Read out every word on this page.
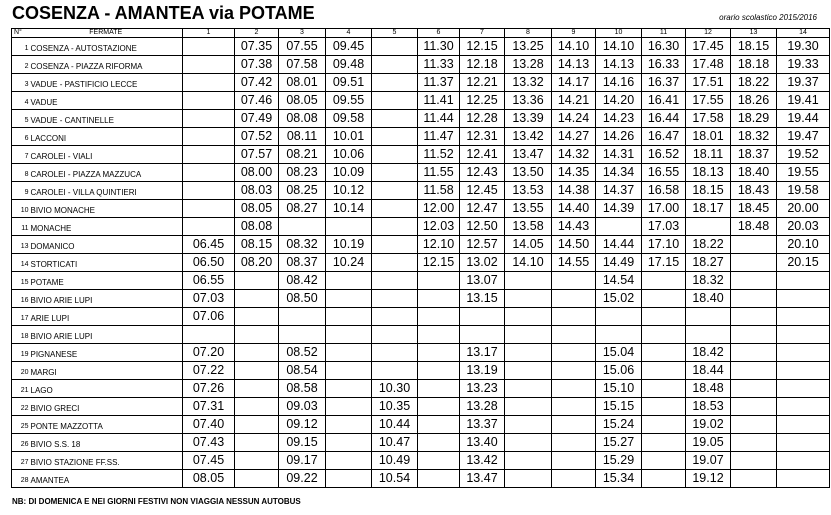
COSENZA - AMANTEA via POTAME	orario scolastico 2015/2016
N°	FERMATE	1	2	3	4	5	6	7	8	9	10	11	12	13	14
1	COSENZA - AUTOSTAZIONE		07.35	07.55	09.45		11.30	12.15	13.25	14.10	14.10	16.30	17.45	18.15	19.30
2	COSENZA - PIAZZA RIFORMA		07.38	07.58	09.48		11.33	12.18	13.28	14.13	14.13	16.33	17.48	18.18	19.33
3	VADUE - PASTIFICIO LECCE		07.42	08.01	09.51		11.37	12.21	13.32	14.17	14.16	16.37	17.51	18.22	19.37
4	VADUE		07.46	08.05	09.55		11.41	12.25	13.36	14.21	14.20	16.41	17.55	18.26	19.41
5	VADUE - CANTINELLE		07.49	08.08	09.58		11.44	12.28	13.39	14.24	14.23	16.44	17.58	18.29	19.44
6	LACCONI		07.52	08.11	10.01		11.47	12.31	13.42	14.27	14.26	16.47	18.01	18.32	19.47
7	CAROLEI - VIALI		07.57	08.21	10.06		11.52	12.41	13.47	14.32	14.31	16.52	18.11	18.37	19.52
8	CAROLEI - PIAZZA MAZZUCA		08.00	08.23	10.09		11.55	12.43	13.50	14.35	14.34	16.55	18.13	18.40	19.55
9	CAROLEI - VILLA QUINTIERI		08.03	08.25	10.12		11.58	12.45	13.53	14.38	14.37	16.58	18.15	18.43	19.58
10	BIVIO MONACHE		08.05	08.27	10.14		12.00	12.47	13.55	14.40	14.39	17.00	18.17	18.45	20.00
11	MONACHE		08.08				12.03	12.50	13.58	14.43		17.03		18.48	20.03
13	DOMANICO	06.45	08.15	08.32	10.19		12.10	12.57	14.05	14.50	14.44	17.10	18.22		20.10
14	STORTICATI	06.50	08.20	08.37	10.24		12.15	13.02	14.10	14.55	14.49	17.15	18.27		20.15
15	POTAME	06.55		08.42				13.07			14.54		18.32		
16	BIVIO ARIE LUPI	07.03		08.50				13.15			15.02		18.40		
17	ARIE LUPI	07.06													
18	BIVIO ARIE LUPI														
19	PIGNANESE	07.20		08.52				13.17			15.04		18.42		
20	MARGI	07.22		08.54				13.19			15.06		18.44		
21	LAGO	07.26		08.58		10.30		13.23			15.10		18.48		
22	BIVIO GRECI	07.31		09.03		10.35		13.28			15.15		18.53		
25	PONTE MAZZOTTA	07.40		09.12		10.44		13.37			15.24		19.02		
26	BIVIO S.S. 18	07.43		09.15		10.47		13.40			15.27		19.05		
27	BIVIO STAZIONE FF.SS.	07.45		09.17		10.49		13.42			15.29		19.07		
28	AMANTEA	08.05		09.22		10.54		13.47			15.34		19.12		
NB: DI DOMENICA E NEI GIORNI FESTIVI NON VIAGGIA NESSUN AUTOBUS
